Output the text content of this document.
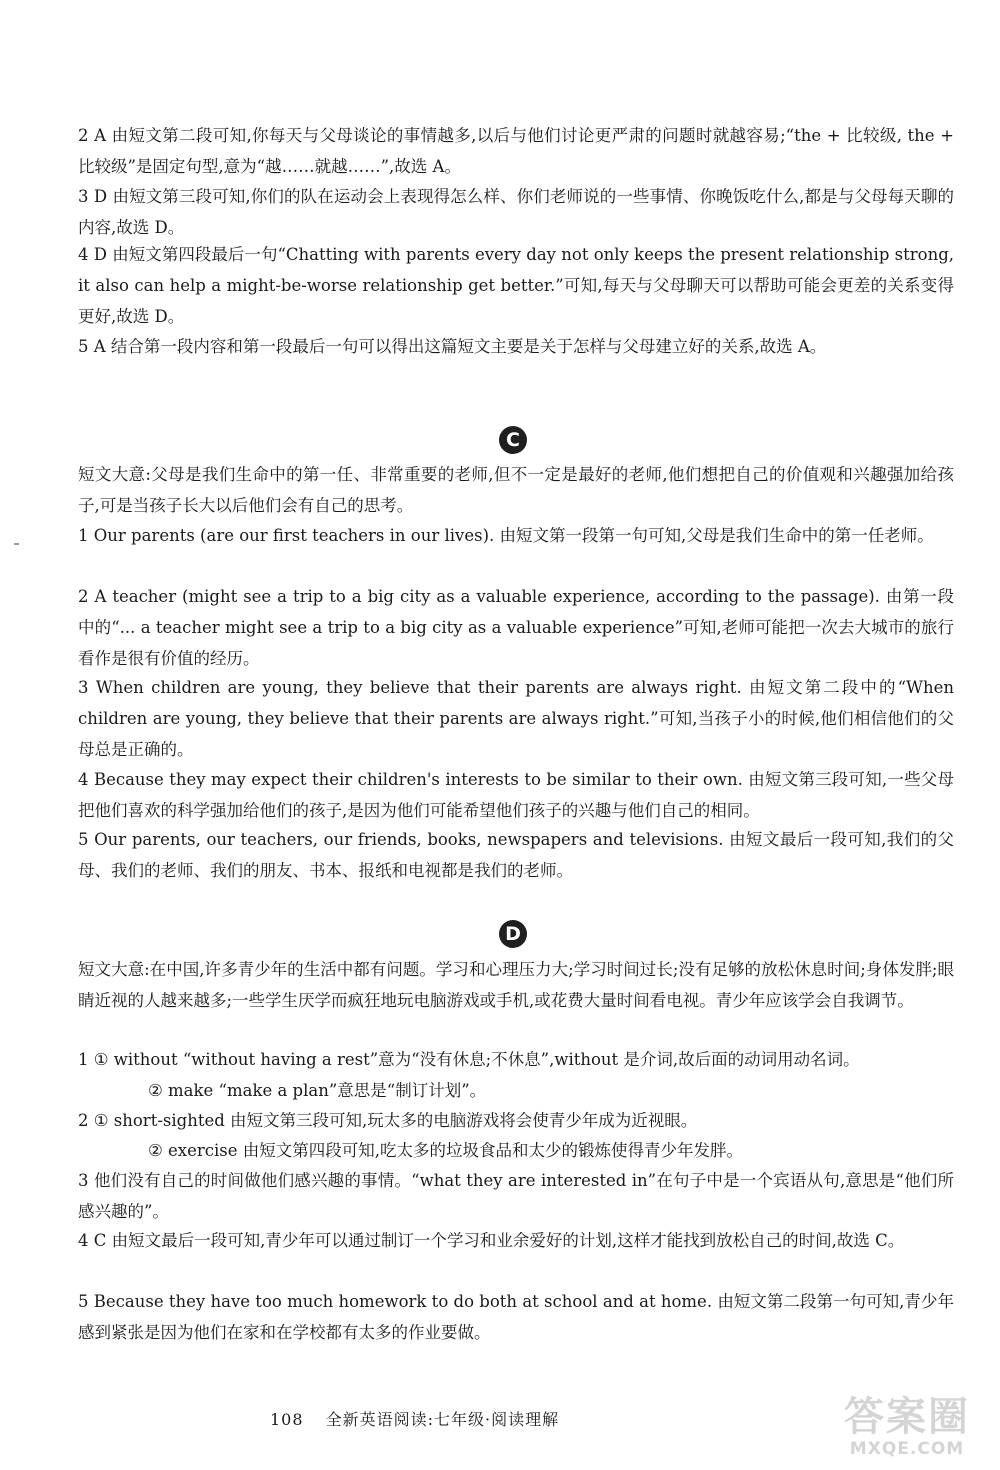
2 A 由短文第二段可知,你每天与父母谈论的事情越多,以后与他们讨论更严肃的问题时就越容易;“the + 比较级, the + 比较级”是固定句型,意为“越……就越……”,故选 A。

3 D 由短文第三段可知,你们的队在运动会上表现得怎么样、你们老师说的一些事情、你晚饭吃什么,都是与父母每天聊的内容,故选 D。

4 D 由短文第四段最后一句“Chatting with parents every day not only keeps the present relationship strong, it also can help a might-be-worse relationship get better.”可知,每天与父母聊天可以帮助可能会更差的关系变得更好,故选 D。

5 A 结合第一段内容和第一段最后一句可以得出这篇短文主要是关于怎样与父母建立好的关系,故选 A。

C

短文大意:父母是我们生命中的第一任、非常重要的老师,但不一定是最好的老师,他们想把自己的价值观和兴趣强加给孩子,可是当孩子长大以后他们会有自己的思考。

1 Our parents (are our first teachers in our lives). 由短文第一段第一句可知,父母是我们生命中的第一任老师。

2 A teacher (might see a trip to a big city as a valuable experience, according to the passage). 由第一段中的“... a teacher might see a trip to a big city as a valuable experience”可知,老师可能把一次去大城市的旅行看作是很有价值的经历。

3 When children are young, they believe that their parents are always right. 由短文第二段中的“When children are young, they believe that their parents are always right.”可知,当孩子小的时候,他们相信他们的父母总是正确的。

4 Because they may expect their children's interests to be similar to their own. 由短文第三段可知,一些父母把他们喜欢的科学强加给他们的孩子,是因为他们可能希望他们孩子的兴趣与他们自己的相同。

5 Our parents, our teachers, our friends, books, newspapers and televisions. 由短文最后一段可知,我们的父母、我们的老师、我们的朋友、书本、报纸和电视都是我们的老师。

D

短文大意:在中国,许多青少年的生活中都有问题。学习和心理压力大;学习时间过长;没有足够的放松休息时间;身体发胖;眼睛近视的人越来越多;一些学生厌学而疯狂地玩电脑游戏或手机,或花费大量时间看电视。青少年应该学会自我调节。

1 ① without “without having a rest”意为“没有休息;不休息”,without 是介词,故后面的动词用动名词。

② make “make a plan”意思是“制订计划”。

2 ① short-sighted 由短文第三段可知,玩太多的电脑游戏将会使青少年成为近视眼。

② exercise 由短文第四段可知,吃太多的垃圾食品和太少的锻炼使得青少年发胖。

3 他们没有自己的时间做他们感兴趣的事情。“what they are interested in”在句子中是一个宾语从句,意思是“他们所感兴趣的”。

4 C 由短文最后一段可知,青少年可以通过制订一个学习和业余爱好的计划,这样才能找到放松自己的时间,故选 C。

5 Because they have too much homework to do both at school and at home. 由短文第二段第一句可知,青少年感到紧张是因为他们在家和在学校都有太多的作业要做。

108 全新英语阅读:七年级·阅读理解	答案圈
MXQE.COM
